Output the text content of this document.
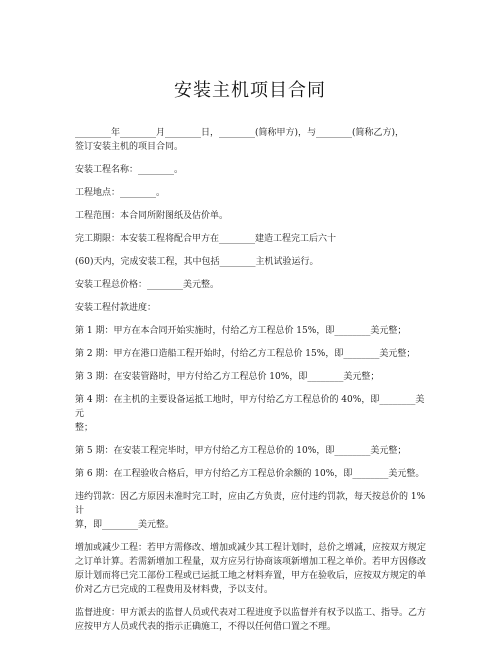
安装主机项目合同
________年________月________日，________(简称甲方)，与________(简称乙方)，
签订安装主机的项目合同。
安装工程名称：________。
工程地点：________。
工程范围：本合同所附图纸及估价单。
完工期限：本安装工程将配合甲方在________建造工程完工后六十
(60)天内，完成安装工程，其中包括________主机试验运行。
安装工程总价格：________美元整。
安装工程付款进度：
第 1 期：甲方在本合同开始实施时，付给乙方工程总价 15%，即________美元整；
第 2 期：甲方在港口造船工程开始时，付给乙方工程总价 15%，即________美元整；
第 3 期：在安装管路时，甲方付给乙方工程总价 10%，即________美元整；
第 4 期：在主机的主要设备运抵工地时，甲方付给乙方工程总价的 40%，即________美元
整；
第 5 期：在安装工程完毕时，甲方付给乙方工程总价的 10%，即________美元整；
第 6 期：在工程验收合格后，甲方付给乙方工程总价余额的 10%，即________美元整。
违约罚款：因乙方原因未准时完工时，应由乙方负责，应付违约罚款，每天按总价的 1%计
算，即________美元整。
增加或减少工程：若甲方需修改、增加或减少其工程计划时，总价之增减，应按双方规定
之订单计算。若需新增加工程量，双方应另行协商该项新增加工程之单价。若甲方因修改
原计划而将已完工部份工程或已运抵工地之材料弃置，甲方在验收后，应按双方规定的单
价对乙方已完成的工程费用及材料费，予以支付。
监督进度：甲方派去的监督人员或代表对工程进度予以监督并有权予以监工、指导。乙方
应按甲方人员或代表的指示正确施工，不得以任何借口置之不理。
